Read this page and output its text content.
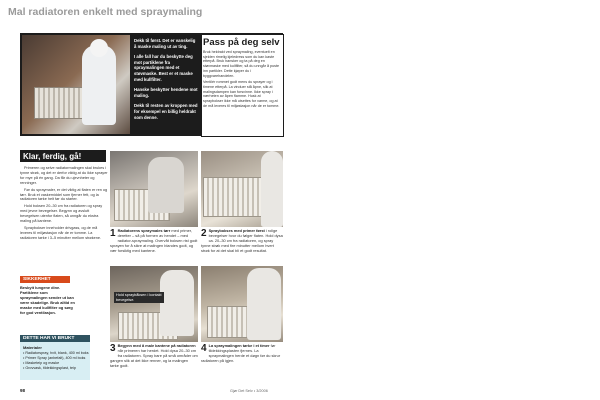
Mal radiatoren enkelt med spraymaling

Dekk til først. Det er vanskelig å maske maling ut av ting.

I alle fall har du beskytte deg mot partiklene fra spraymalingen med et støvmaske. Best er et maske med kullfilter.

Hanske beskytter hendene mot maling.

Dekk til resten av kroppen med for eksempel en billig heldrakt som denne.

Pass på deg selv

Bruk heldrakt ved spraymaling, eventuelt en sjelden rimelig kjeledress som du kan kaste etterpå. Bruk hansker og ta på deg en støvmaske med kullfilter, så du unngår å puste inn partikler. Dette kjøper du i byggvarehandelen.

Ventilér rommet godt mens du sprayer og i timene etterpå. La vinduer stå åpne, slik at malingsdampen kan forsvinne. Ikke spray i nærheten av åpen flamme. Husk at spraybokser ikke må utsettes for varme, og at de må leveres til miljøstasjon når de er tomme.

Klar, ferdig, gå!

Primeren og selve radiatormalingen skal brukes i tynne strøk, og det er derfor viktig at du ikke sprayer for mye på én gang. Da får du ujevnheter og renninger.

Før du spraymaler, er det viktig at flaten er ren og tørr. Bruk et vaskemiddel som fjerner fett, og la radiatoren tørke helt før du starter.

Hold boksen 20–30 cm fra radiatoren og spray med jevne bevegelser. Begynn og avslutt bevegelsen utenfor flaten, så unngår du ekstra maling på kantene.

Spraybokser inneholder drivgass, og de må leveres til miljøstasjon når de er tomme. La radiatoren tørke i 3–5 minutter mellom strøkene.

SIKKERHET
Beskytt lungene dine. Partiklene som spraymalingen sender ut kan være skadelige. Bruk alltid en maske med kullfilter og sørg for god ventilasjon.
DETTE HAR VI BRUKT
Materialer
• Radiatorspray, hvit, blank, 400 ml boks
• Primer Spray (anbefalt), 400 ml boks
• Masketeip og maske
• Grovvask, tildekkingsplast, teip
Hold spraybåksen i kontakt bevegelse.
1 Radiatorens spraymales tørr med primer, deretter – så på formen av hendet – med radiator-spraymaling. Overvåt boksen rist godt sprayen for å sikre at malingen blandes godt, og vær forsiktig med kantene.
2 Spraybokses med primer først i rolige bevegelser hvor du følger flaten. Hold dysa ca. 20–30 cm fra radiatoren, og spray tynne strøk med fire minutter mellom hvert strøk for at det skal bli et godt resultat.
3 Begynn med å male kantene på radiatoren når primeren har herdet. Hold dysa 20–30 cm fra radiatoren. Spray bare på små områder om gangen slik at det ikke renner, og la malingen tørke godt.
4 La spraymalingen tørke i et timer før tildekkingsplasten fjernes. La spraymalingen herde et døgn før du skrur radiatoren på igjen.
98	Gjør Det Selv • 3/2006
